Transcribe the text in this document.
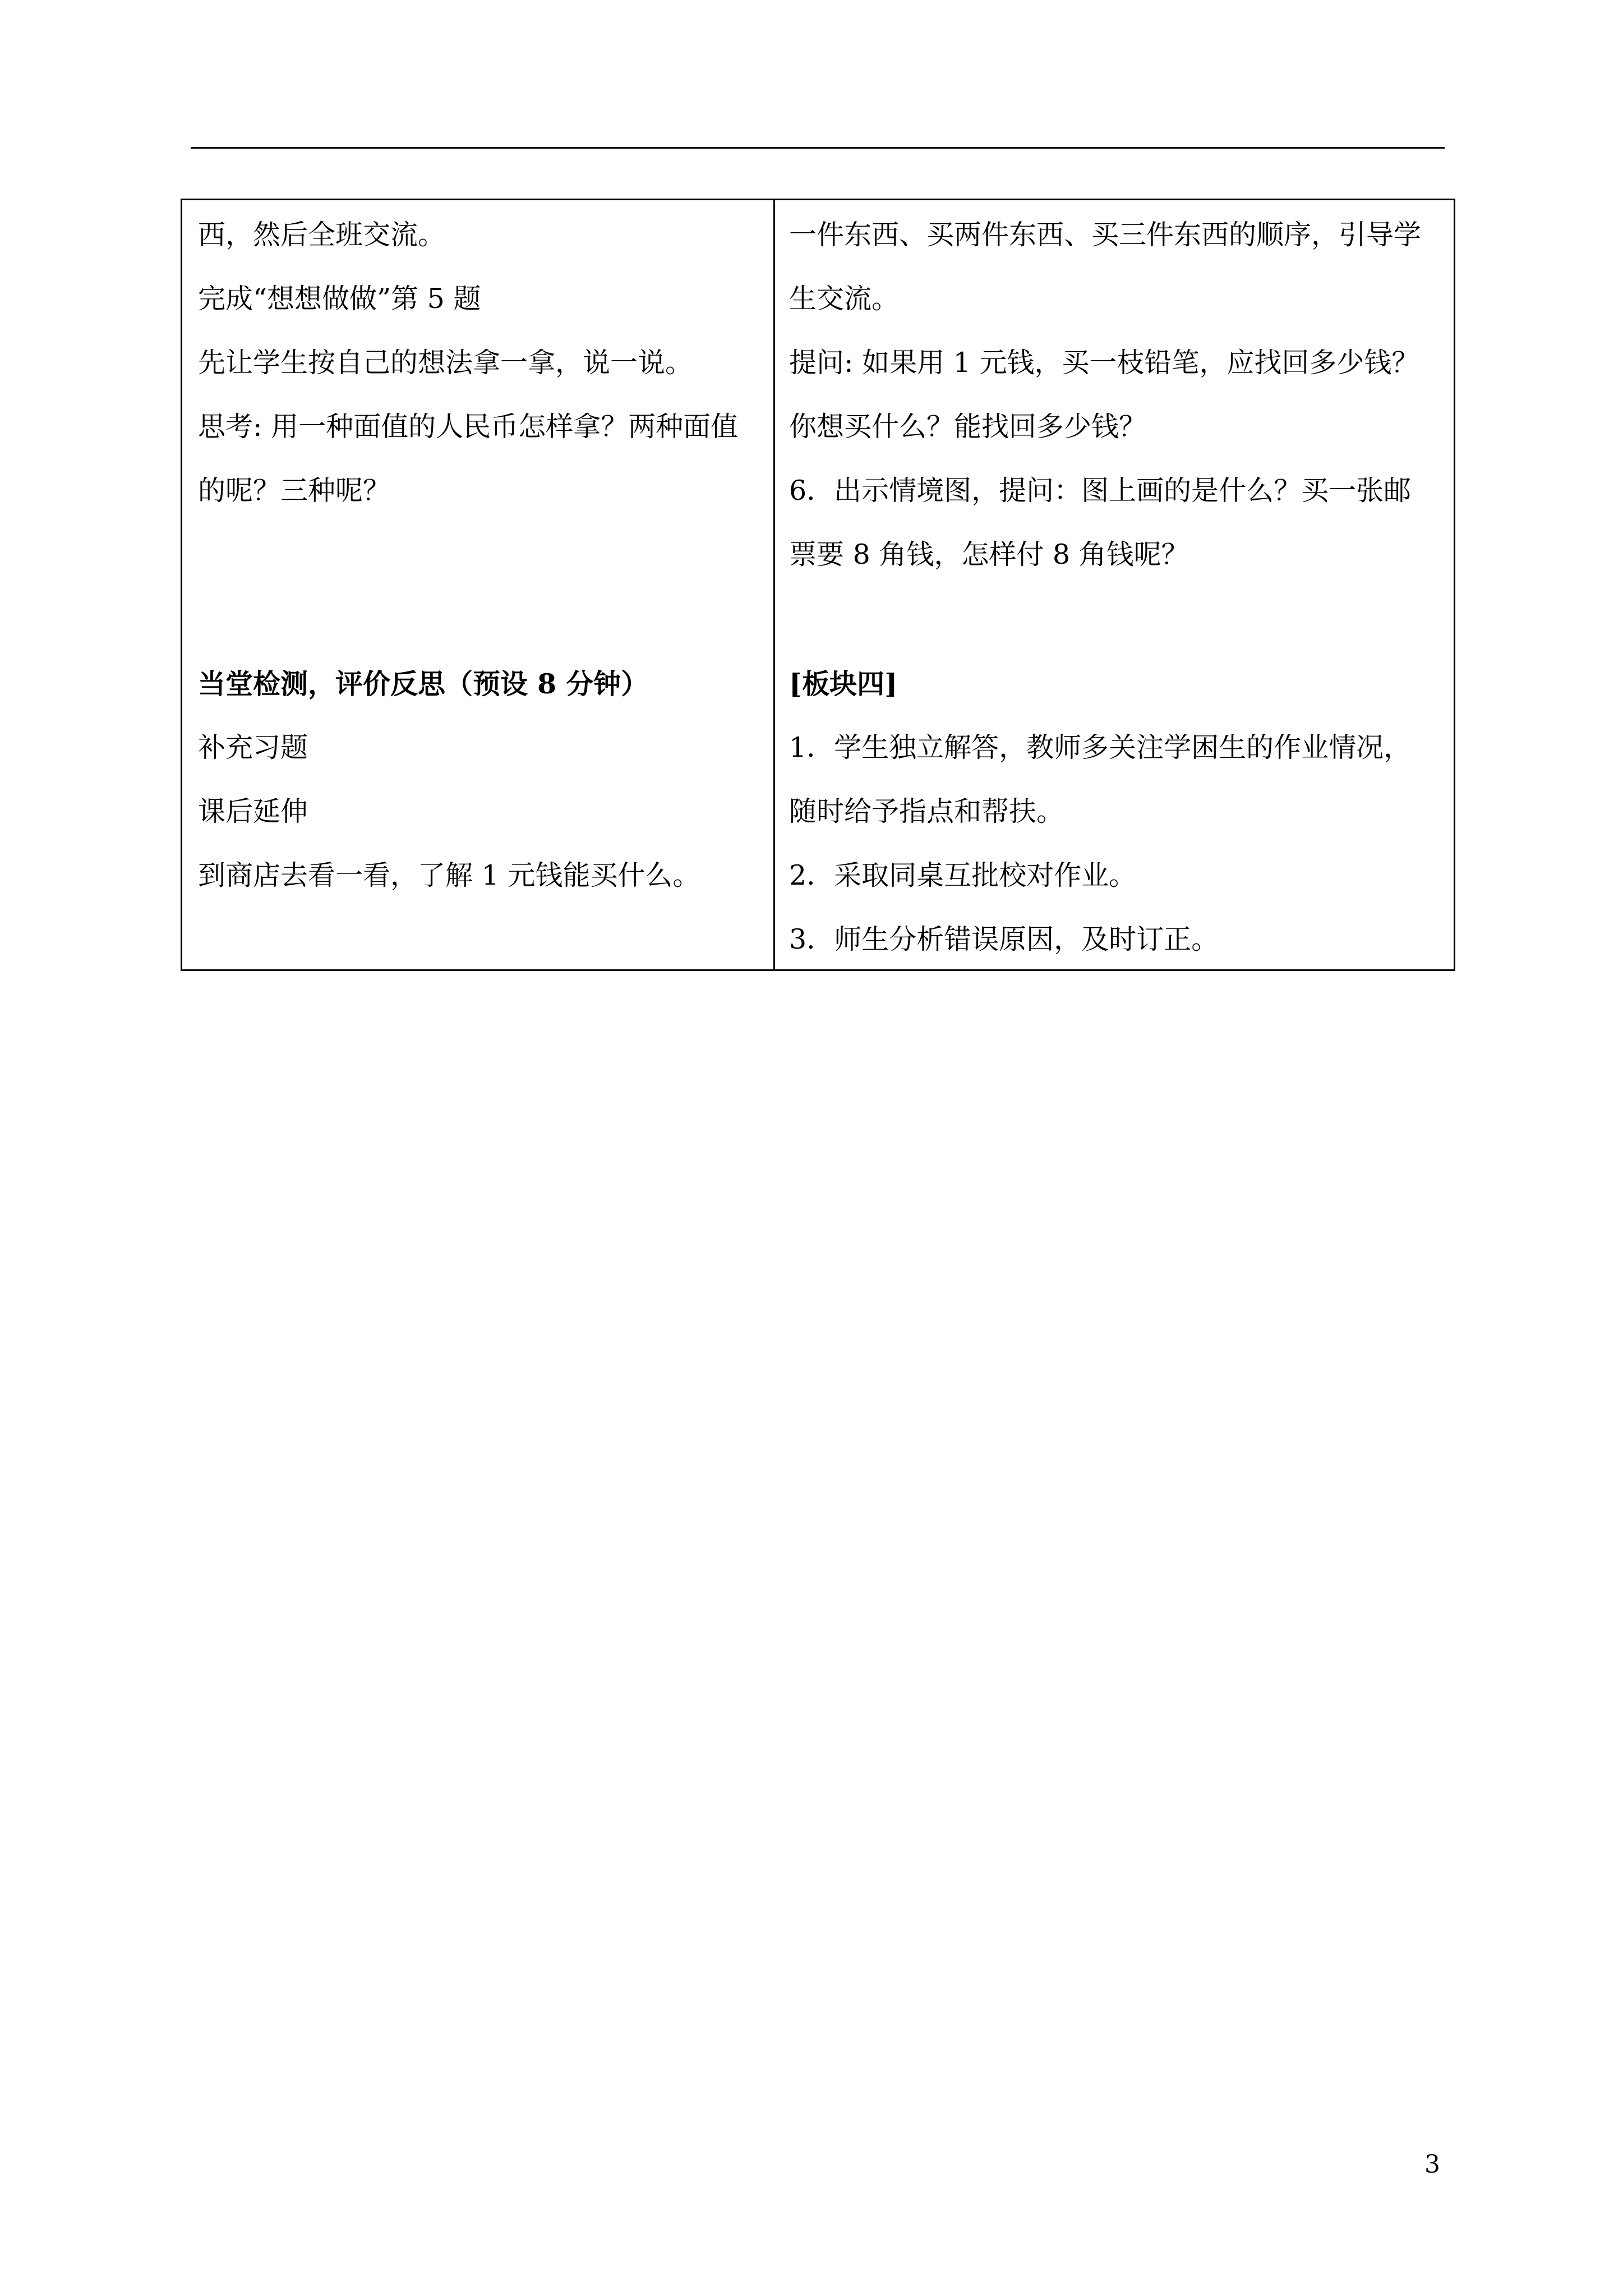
西，然后全班交流。
完成“想想做做”第 5 题
先让学生按自己的想法拿一拿，说一说。
思考: 用一种面值的人民币怎样拿？两种面值
的呢？三种呢？
当堂检测，评价反思（预设 8 分钟）
补充习题
课后延伸
到商店去看一看，了解 1 元钱能买什么。
一件东西、买两件东西、买三件东西的顺序，引导学
生交流。
提问: 如果用 1 元钱，买一枝铅笔，应找回多少钱？
你想买什么？能找回多少钱？
6．出示情境图，提问：图上画的是什么？买一张邮
票要 8 角钱，怎样付 8 角钱呢？
[板块四]
1．学生独立解答，教师多关注学困生的作业情况，
随时给予指点和帮扶。
2．采取同桌互批校对作业。
3．师生分析错误原因，及时订正。
3
